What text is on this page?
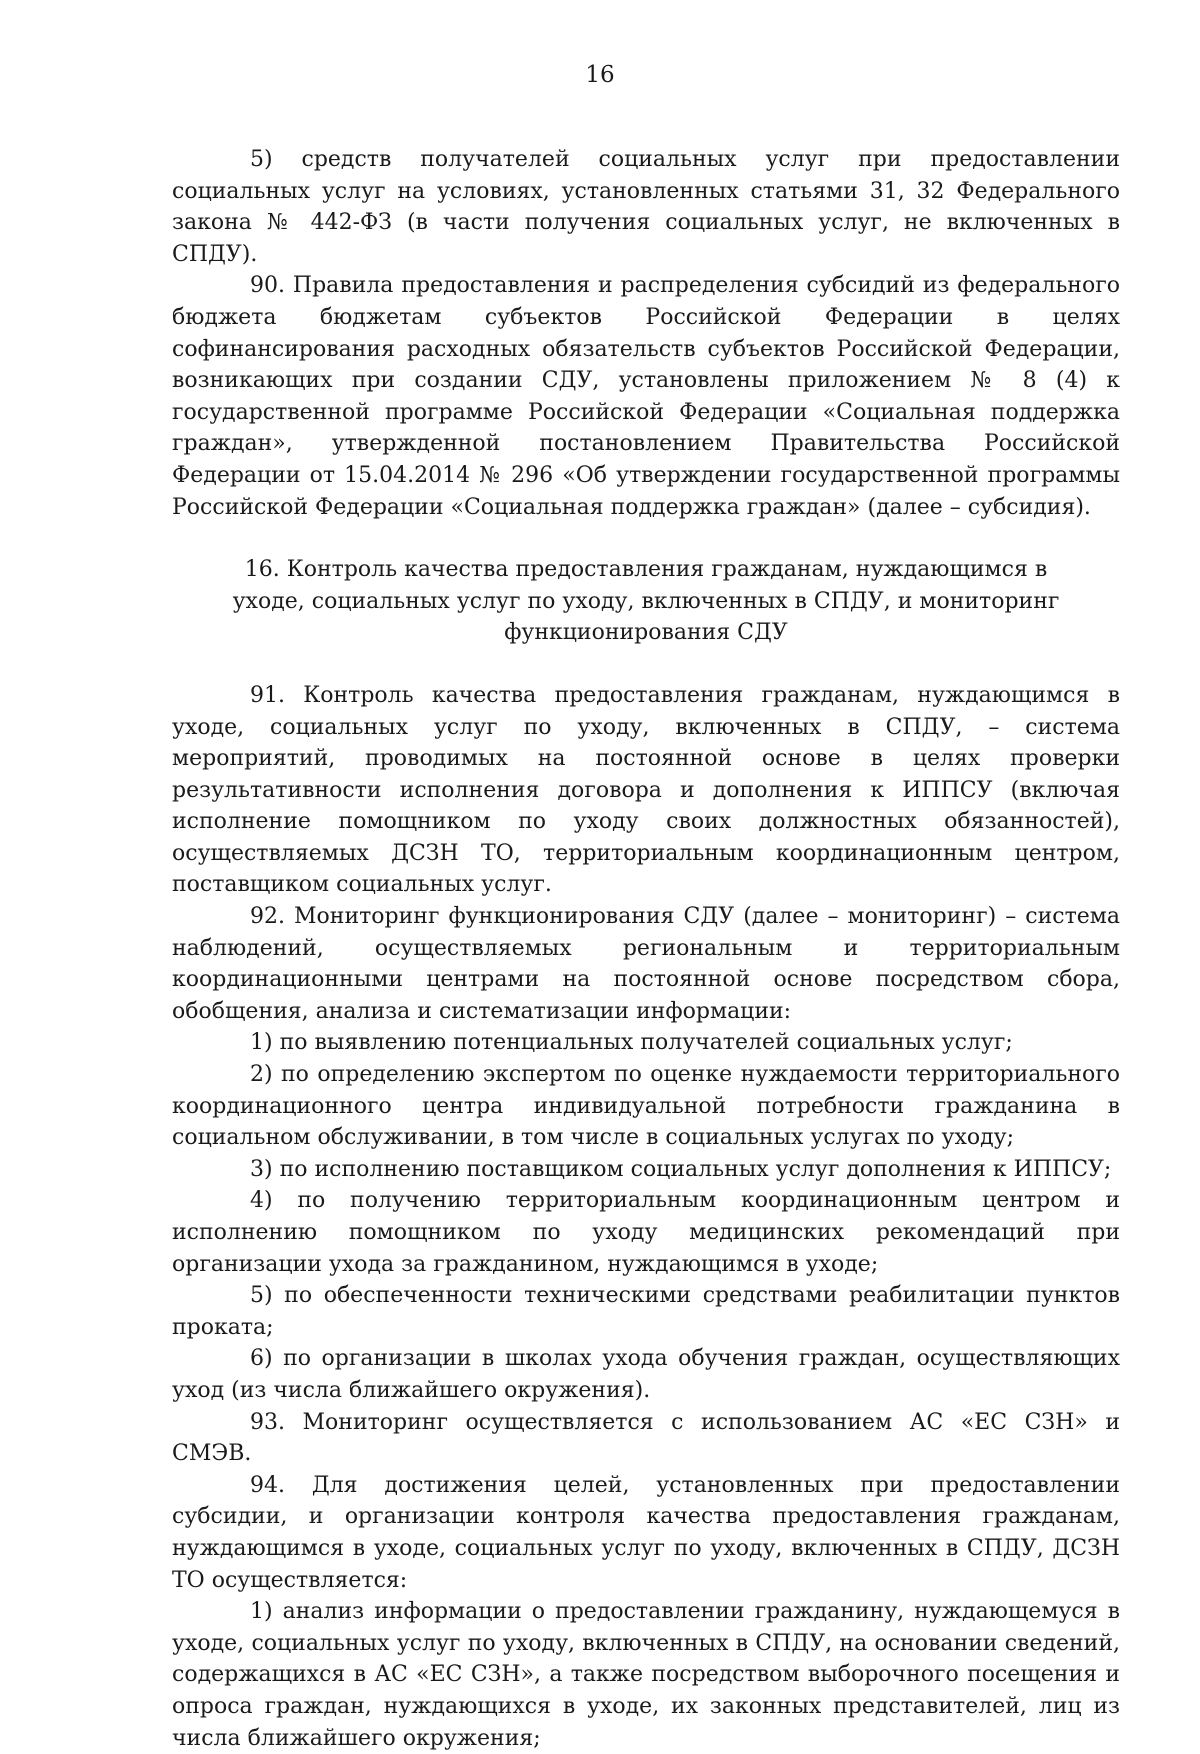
16

5) средств получателей социальных услуг при предоставлении социальных услуг на условиях, установленных статьями 31, 32 Федерального закона № 442-ФЗ (в части получения социальных услуг, не включенных в СПДУ).

90. Правила предоставления и распределения субсидий из федерального бюджета бюджетам субъектов Российской Федерации в целях софинансирования расходных обязательств субъектов Российской Федерации, возникающих при создании СДУ, установлены приложением № 8 (4) к государственной программе Российской Федерации «Социальная поддержка граждан», утвержденной постановлением Правительства Российской Федерации от 15.04.2014 № 296 «Об утверждении государственной программы Российской Федерации «Социальная поддержка граждан» (далее – субсидия).

16. Контроль качества предоставления гражданам, нуждающимся в уходе, социальных услуг по уходу, включенных в СПДУ, и мониторинг функционирования СДУ

91. Контроль качества предоставления гражданам, нуждающимся в уходе, социальных услуг по уходу, включенных в СПДУ, – система мероприятий, проводимых на постоянной основе в целях проверки результативности исполнения договора и дополнения к ИППСУ (включая исполнение помощником по уходу своих должностных обязанностей), осуществляемых ДСЗН ТО, территориальным координационным центром, поставщиком социальных услуг.

92. Мониторинг функционирования СДУ (далее – мониторинг) – система наблюдений, осуществляемых региональным и территориальным координационными центрами на постоянной основе посредством сбора, обобщения, анализа и систематизации информации:

1) по выявлению потенциальных получателей социальных услуг;

2) по определению экспертом по оценке нуждаемости территориального координационного центра индивидуальной потребности гражданина в социальном обслуживании, в том числе в социальных услугах по уходу;

3) по исполнению поставщиком социальных услуг дополнения к ИППСУ;

4) по получению территориальным координационным центром и исполнению помощником по уходу медицинских рекомендаций при организации ухода за гражданином, нуждающимся в уходе;

5) по обеспеченности техническими средствами реабилитации пунктов проката;

6) по организации в школах ухода обучения граждан, осуществляющих уход (из числа ближайшего окружения).

93. Мониторинг осуществляется с использованием АС «ЕС СЗН» и СМЭВ.

94. Для достижения целей, установленных при предоставлении субсидии, и организации контроля качества предоставления гражданам, нуждающимся в уходе, социальных услуг по уходу, включенных в СПДУ, ДСЗН ТО осуществляется:

1) анализ информации о предоставлении гражданину, нуждающемуся в уходе, социальных услуг по уходу, включенных в СПДУ, на основании сведений, содержащихся в АС «ЕС СЗН», а также посредством выборочного посещения и опроса граждан, нуждающихся в уходе, их законных представителей, лиц из числа ближайшего окружения;
